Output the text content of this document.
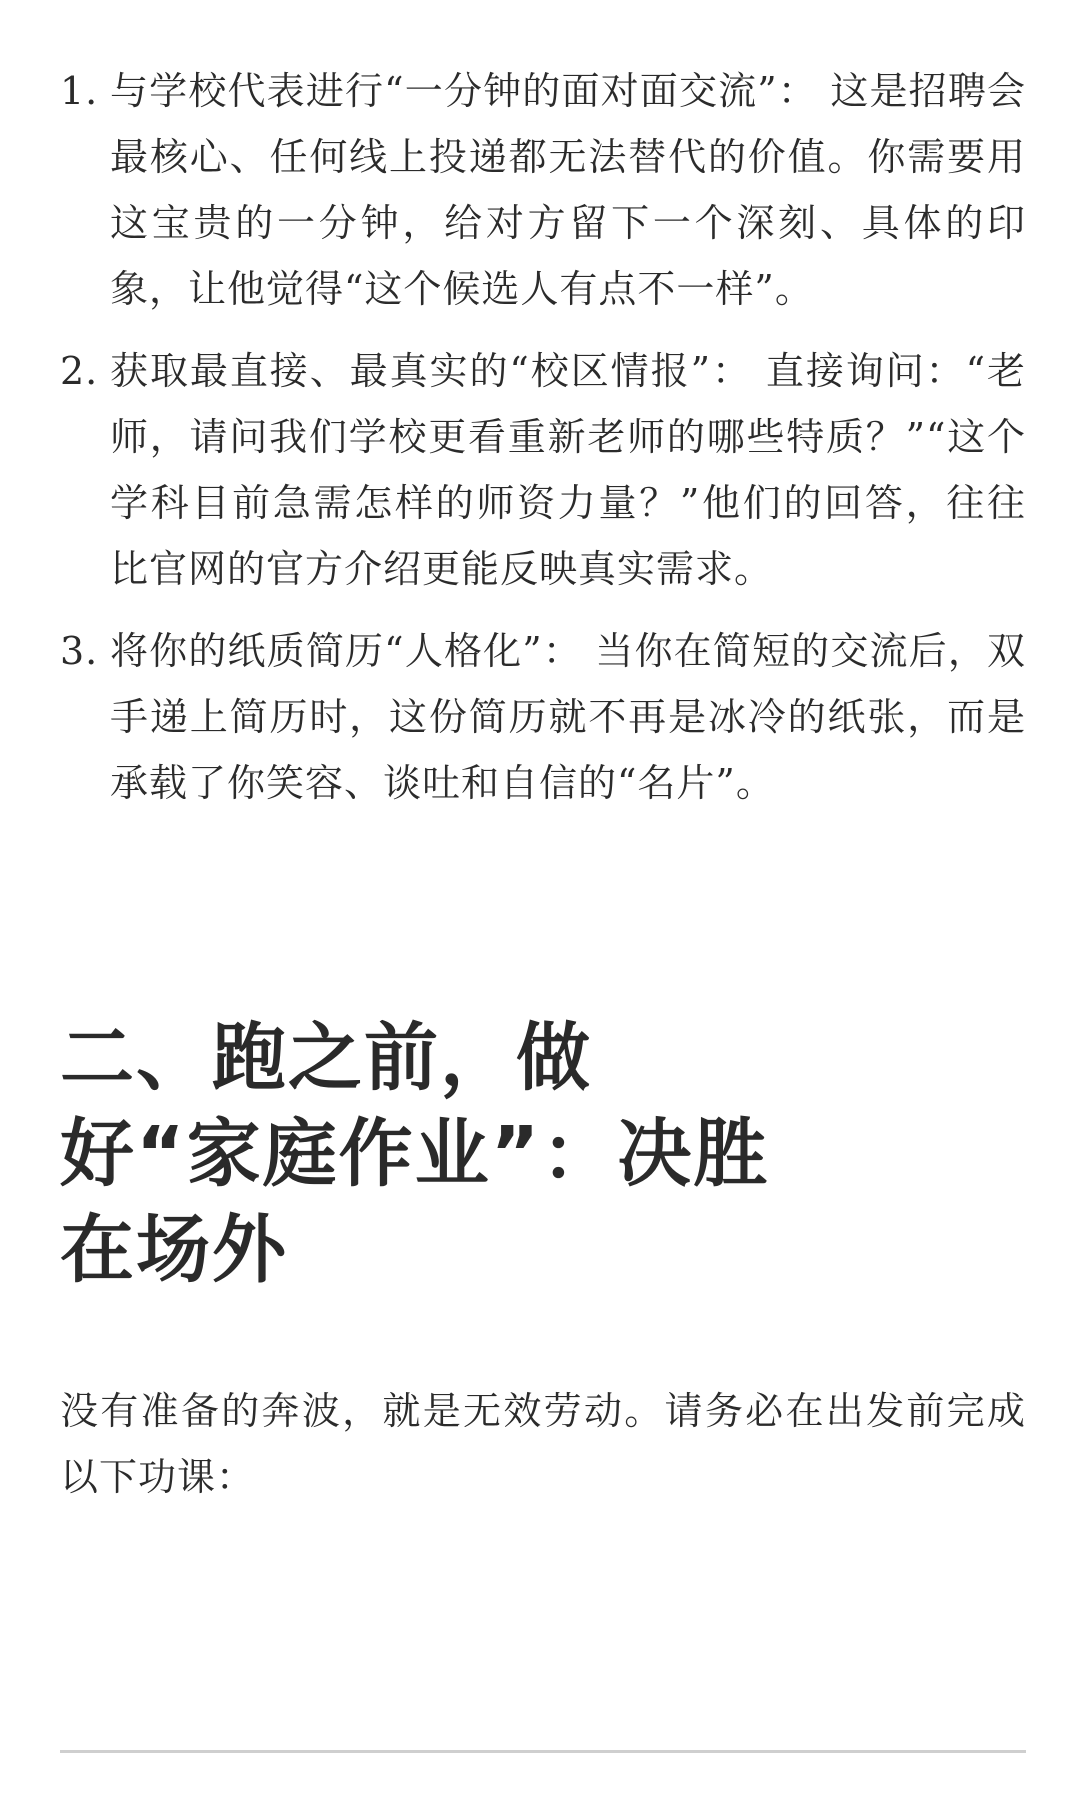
1. 与学校代表进行“一分钟的面对面交流”： 这是招聘会最核心、任何线上投递都无法替代的价值。你需要用这宝贵的一分钟，给对方留下一个深刻、具体的印象，让他觉得“这个候选人有点不一样”。
2. 获取最直接、最真实的“校区情报”： 直接询问：“老师，请问我们学校更看重新老师的哪些特质？”“这个学科目前急需怎样的师资力量？”他们的回答，往往比官网的官方介绍更能反映真实需求。
3. 将你的纸质简历“人格化”： 当你在简短的交流后，双手递上简历时，这份简历就不再是冰冷的纸张，而是承载了你笑容、谈吐和自信的“名片”。
二、跑之前，做好“家庭作业”：决胜在场外

没有准备的奔波，就是无效劳动。请务必在出发前完成以下功课：
